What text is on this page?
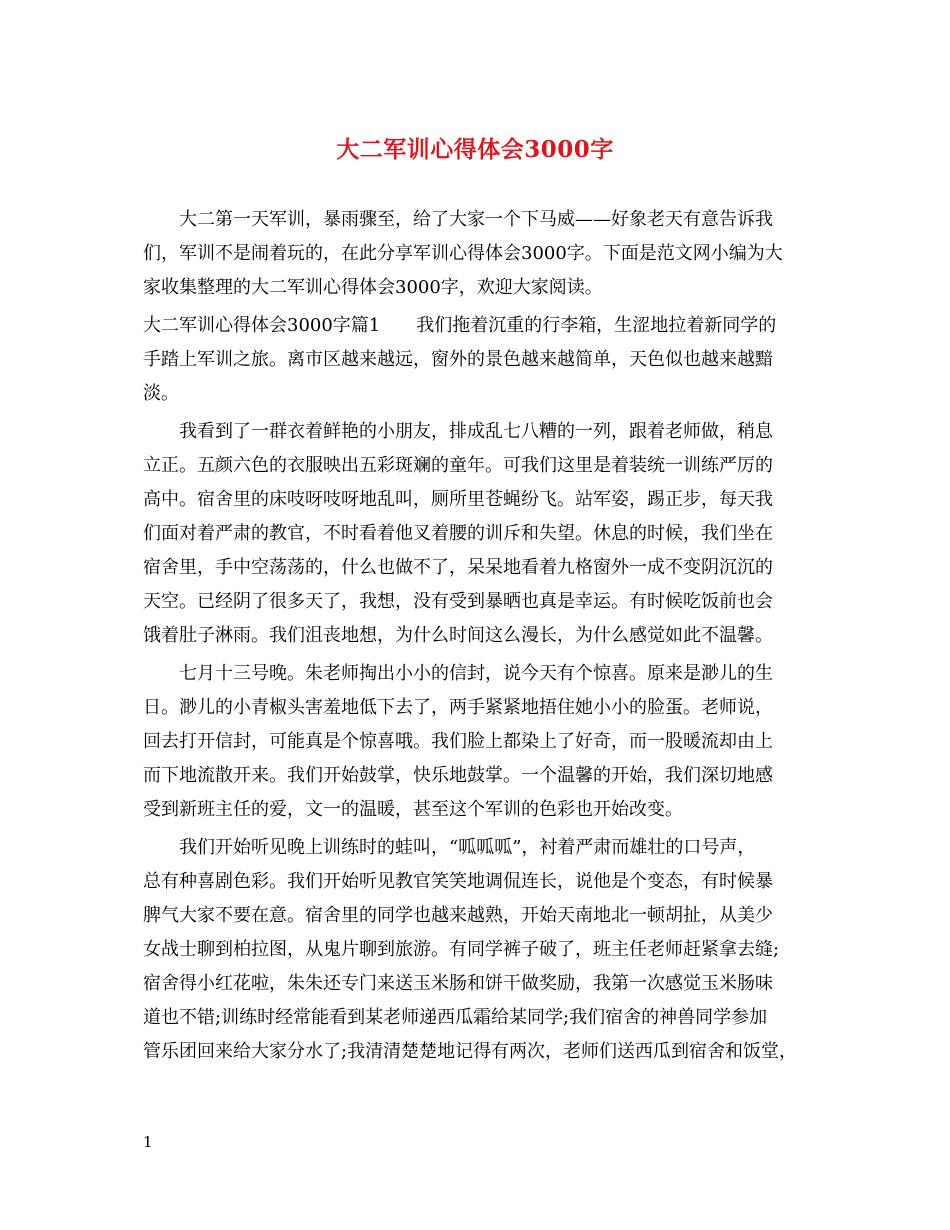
大二军训心得体会3000字
　　大二第一天军训，暴雨骤至，给了大家一个下马威——好象老天有意告诉我
们，军训不是闹着玩的，在此分享军训心得体会3000字。下面是范文网小编为大
家收集整理的大二军训心得体会3000字，欢迎大家阅读。
大二军训心得体会3000字篇1　　我们拖着沉重的行李箱，生涩地拉着新同学的
手踏上军训之旅。离市区越来越远，窗外的景色越来越简单，天色似也越来越黯
淡。
　　我看到了一群衣着鲜艳的小朋友，排成乱七八糟的一列，跟着老师做，稍息
立正。五颜六色的衣服映出五彩斑斓的童年。可我们这里是着装统一训练严厉的
高中。宿舍里的床吱呀吱呀地乱叫，厕所里苍蝇纷飞。站军姿，踢正步，每天我
们面对着严肃的教官，不时看着他叉着腰的训斥和失望。休息的时候，我们坐在
宿舍里，手中空荡荡的，什么也做不了，呆呆地看着九格窗外一成不变阴沉沉的
天空。已经阴了很多天了，我想，没有受到暴晒也真是幸运。有时候吃饭前也会
饿着肚子淋雨。我们沮丧地想，为什么时间这么漫长，为什么感觉如此不温馨。
　　七月十三号晚。朱老师掏出小小的信封，说今天有个惊喜。原来是渺儿的生
日。渺儿的小青椒头害羞地低下去了，两手紧紧地捂住她小小的脸蛋。老师说，
回去打开信封，可能真是个惊喜哦。我们脸上都染上了好奇，而一股暖流却由上
而下地流散开来。我们开始鼓掌，快乐地鼓掌。一个温馨的开始，我们深切地感
受到新班主任的爱，文一的温暖，甚至这个军训的色彩也开始改变。
　　我们开始听见晚上训练时的蛙叫，“呱呱呱”，衬着严肃而雄壮的口号声，
总有种喜剧色彩。我们开始听见教官笑笑地调侃连长，说他是个变态，有时候暴
脾气大家不要在意。宿舍里的同学也越来越熟，开始天南地北一顿胡扯，从美少
女战士聊到柏拉图，从鬼片聊到旅游。有同学裤子破了，班主任老师赶紧拿去缝;
宿舍得小红花啦，朱朱还专门来送玉米肠和饼干做奖励，我第一次感觉玉米肠味
道也不错;训练时经常能看到某老师递西瓜霜给某同学;我们宿舍的神兽同学参加
管乐团回来给大家分水了;我清清楚楚地记得有两次，老师们送西瓜到宿舍和饭堂，
1
